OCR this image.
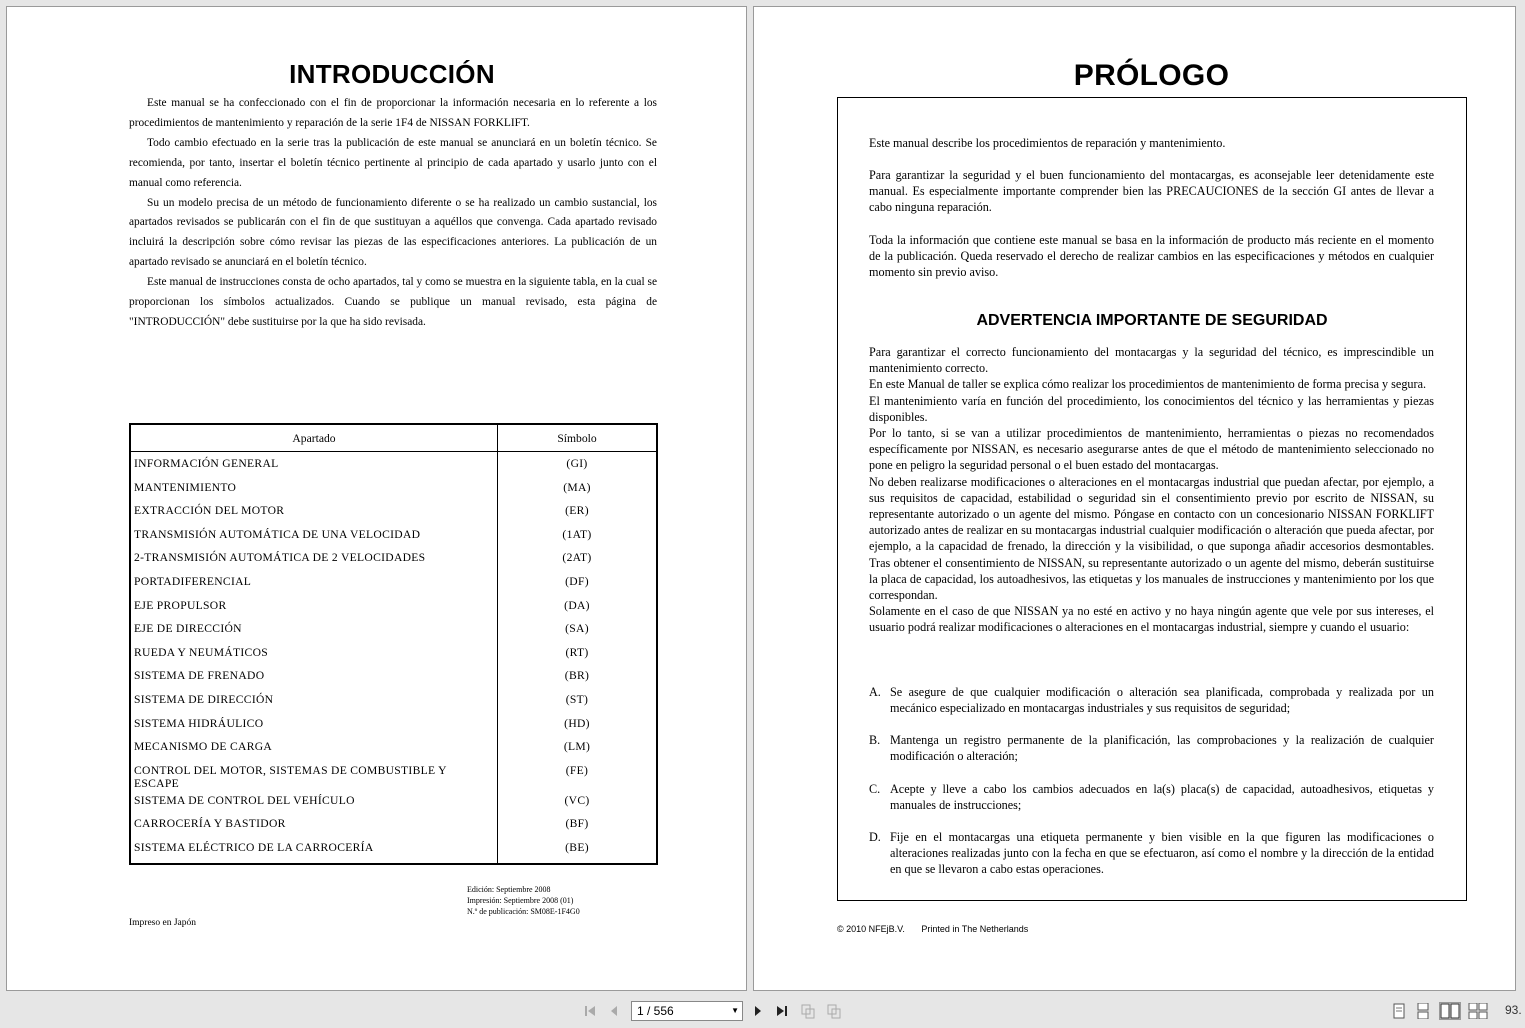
INTRODUCCIÓN

Este manual se ha confeccionado con el fin de proporcionar la información necesaria en lo referente a los procedimientos de mantenimiento y reparación de la serie 1F4 de NISSAN FORKLIFT.

Todo cambio efectuado en la serie tras la publicación de este manual se anunciará en un boletín técnico. Se recomienda, por tanto, insertar el boletín técnico pertinente al principio de cada apartado y usarlo junto con el manual como referencia.

Su un modelo precisa de un método de funcionamiento diferente o se ha realizado un cambio sustancial, los apartados revisados se publicarán con el fin de que sustituyan a aquéllos que convenga. Cada apartado revisado incluirá la descripción sobre cómo revisar las piezas de las especificaciones anteriores. La publicación de un apartado revisado se anunciará en el boletín técnico.

Este manual de instrucciones consta de ocho apartados, tal y como se muestra en la siguiente tabla, en la cual se proporcionan los símbolos actualizados. Cuando se publique un manual revisado, esta página de "INTRODUCCIÓN" debe sustituirse por la que ha sido revisada.

Apartado	Símbolo
INFORMACIÓN GENERAL	(GI)
MANTENIMIENTO	(MA)
EXTRACCIÓN DEL MOTOR	(ER)
TRANSMISIÓN AUTOMÁTICA DE UNA VELOCIDAD	(1AT)
2-TRANSMISIÓN AUTOMÁTICA DE 2 VELOCIDADES	(2AT)
PORTADIFERENCIAL	(DF)
EJE PROPULSOR	(DA)
EJE DE DIRECCIÓN	(SA)
RUEDA Y NEUMÁTICOS	(RT)
SISTEMA DE FRENADO	(BR)
SISTEMA DE DIRECCIÓN	(ST)
SISTEMA HIDRÁULICO	(HD)
MECANISMO DE CARGA	(LM)
CONTROL DEL MOTOR, SISTEMAS DE COMBUSTIBLE Y ESCAPE	(FE)
SISTEMA DE CONTROL DEL VEHÍCULO	(VC)
CARROCERÍA Y BASTIDOR	(BF)
SISTEMA ELÉCTRICO DE LA CARROCERÍA	(BE)
Edición: Septiembre 2008
Impresión: Septiembre 2008 (01)
N.º de publicación: SM08E-1F4G0
Impreso en Japón
PRÓLOGO
Este manual describe los procedimientos de reparación y mantenimiento.
Para garantizar la seguridad y el buen funcionamiento del montacargas, es aconsejable leer detenidamente este manual. Es especialmente importante comprender bien las PRECAUCIONES de la sección GI antes de llevar a cabo ninguna reparación.
Toda la información que contiene este manual se basa en la información de producto más reciente en el momento de la publicación. Queda reservado el derecho de realizar cambios en las especificaciones y métodos en cualquier momento sin previo aviso.
ADVERTENCIA IMPORTANTE DE SEGURIDAD

Para garantizar el correcto funcionamiento del montacargas y la seguridad del técnico, es imprescindible un mantenimiento correcto.

En este Manual de taller se explica cómo realizar los procedimientos de mantenimiento de forma precisa y segura.

El mantenimiento varía en función del procedimiento, los conocimientos del técnico y las herramientas y piezas disponibles.

Por lo tanto, si se van a utilizar procedimientos de mantenimiento, herramientas o piezas no recomendados específicamente por NISSAN, es necesario asegurarse antes de que el método de mantenimiento seleccionado no pone en peligro la seguridad personal o el buen estado del montacargas.

No deben realizarse modificaciones o alteraciones en el montacargas industrial que puedan afectar, por ejemplo, a sus requisitos de capacidad, estabilidad o seguridad sin el consentimiento previo por escrito de NISSAN, su representante autorizado o un agente del mismo. Póngase en contacto con un concesionario NISSAN FORKLIFT autorizado antes de realizar en su montacargas industrial cualquier modificación o alteración que pueda afectar, por ejemplo, a la capacidad de frenado, la dirección y la visibilidad, o que suponga añadir accesorios desmontables. Tras obtener el consentimiento de NISSAN, su representante autorizado o un agente del mismo, deberán sustituirse la placa de capacidad, los autoadhesivos, las etiquetas y los manuales de instrucciones y mantenimiento por los que correspondan.

Solamente en el caso de que NISSAN ya no esté en activo y no haya ningún agente que vele por sus intereses, el usuario podrá realizar modificaciones o alteraciones en el montacargas industrial, siempre y cuando el usuario:

A. Se asegure de que cualquier modificación o alteración sea planificada, comprobada y realizada por un mecánico especializado en montacargas industriales y sus requisitos de seguridad;
B. Mantenga un registro permanente de la planificación, las comprobaciones y la realización de cualquier modificación o alteración;
C. Acepte y lleve a cabo los cambios adecuados en la(s) placa(s) de capacidad, autoadhesivos, etiquetas y manuales de instrucciones;
D. Fije en el montacargas una etiqueta permanente y bien visible en la que figuren las modificaciones o alteraciones realizadas junto con la fecha en que se efectuaron, así como el nombre y la dirección de la entidad en que se llevaron a cabo estas operaciones.
© 2010 NFEjB.V. Printed in The Netherlands
1 / 556	▼	93.
